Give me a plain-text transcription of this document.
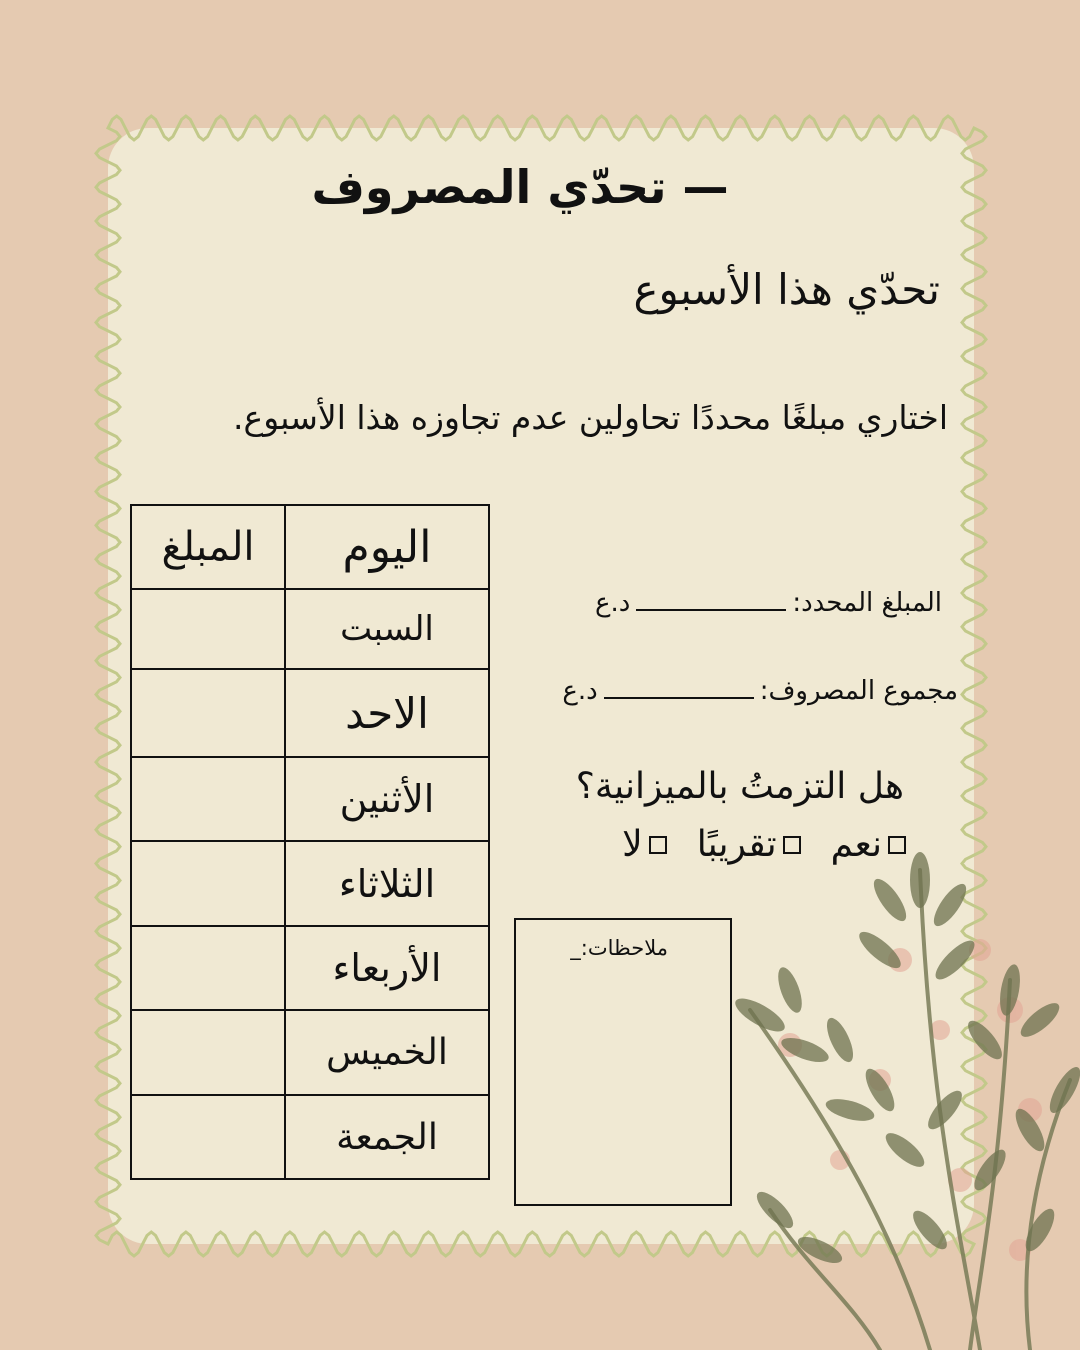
— تحدّي المصروف
تحدّي هذا الأسبوع
اختاري مبلغًا محددًا تحاولين عدم تجاوزه هذا الأسبوع.
اليوم	المبلغ
السبت	
الاحد	
الأثنين	
الثلاثاء	
الأربعاء	
الخميس	
الجمعة	
المبلغ المحدد:د.ع
مجموع المصروف:د.ع
هل التزمتُ بالميزانية؟
نعم
تقريبًا
لا
ملاحظات:_
